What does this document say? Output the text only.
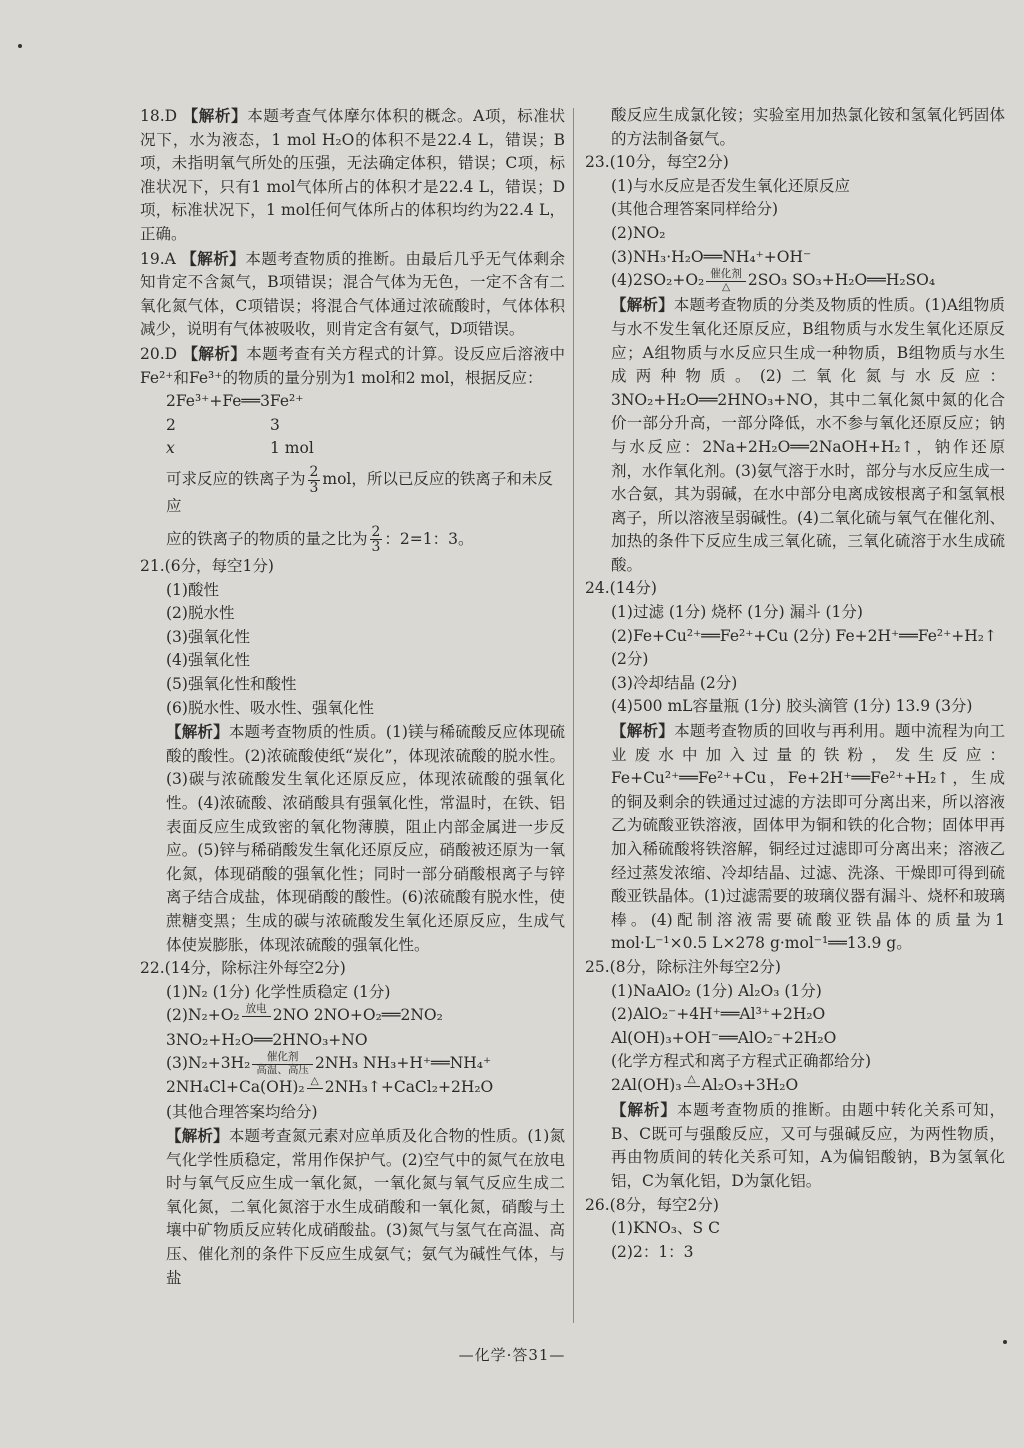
18.D 【解析】本题考查气体摩尔体积的概念。A项，标准状况下，水为液态，1 mol H₂O的体积不是22.4 L，错误；B项，未指明氧气所处的压强，无法确定体积，错误；C项，标准状况下，只有1 mol气体所占的体积才是22.4 L，错误；D项，标准状况下，1 mol任何气体所占的体积均约为22.4 L，正确。

19.A 【解析】本题考查物质的推断。由最后几乎无气体剩余知肯定不含氮气，B项错误；混合气体为无色，一定不含有二氧化氮气体，C项错误；将混合气体通过浓硫酸时，气体体积减少，说明有气体被吸收，则肯定含有氨气，D项错误。

20.D 【解析】本题考查有关方程式的计算。设反应后溶液中Fe²⁺和Fe³⁺的物质的量分别为1 mol和2 mol，根据反应：

2Fe³⁺+Fe══3Fe²⁺
2	3
x	1 mol
可求反应的铁离子为 $\frac{2}{3}$ mol，所以已反应的铁离子和未反应
应的铁离子的物质的量之比为 $\frac{2}{3}$ ：2=1：3。
21.(6分，每空1分)
(1)酸性
(2)脱水性
(3)强氧化性
(4)强氧化性
(5)强氧化性和酸性
(6)脱水性、吸水性、强氧化性

【解析】本题考查物质的性质。(1)镁与稀硫酸反应体现硫酸的酸性。(2)浓硫酸使纸“炭化”，体现浓硫酸的脱水性。(3)碳与浓硫酸发生氧化还原反应，体现浓硫酸的强氧化性。(4)浓硫酸、浓硝酸具有强氧化性，常温时，在铁、铝表面反应生成致密的氧化物薄膜，阻止内部金属进一步反应。(5)锌与稀硝酸发生氧化还原反应，硝酸被还原为一氧化氮，体现硝酸的强氧化性；同时一部分硝酸根离子与锌离子结合成盐，体现硝酸的酸性。(6)浓硫酸有脱水性，使蔗糖变黑；生成的碳与浓硫酸发生氧化还原反应，生成气体使炭膨胀，体现浓硫酸的强氧化性。

22.(14分，除标注外每空2分)
(1)N₂ (1分) 化学性质稳定 (1分)
(2)N₂+O₂ 放电
2NO 2NO+O₂══2NO₂
3NO₂+H₂O══2HNO₃+NO
(3)N₂+3H₂	催化剂
高温、高压 2NH₃ NH₃+H⁺══NH₄⁺
2NH₄Cl+Ca(OH)₂ △
2NH₃↑+CaCl₂+2H₂O
(其他合理答案均给分)

【解析】本题考查氮元素对应单质及化合物的性质。(1)氮气化学性质稳定，常用作保护气。(2)空气中的氮气在放电时与氧气反应生成一氧化氮，一氧化氮与氧气反应生成二氧化氮，二氧化氮溶于水生成硝酸和一氧化氮，硝酸与土壤中矿物质反应转化成硝酸盐。(3)氮气与氢气在高温、高压、催化剂的条件下反应生成氨气；氨气为碱性气体，与盐

酸反应生成氯化铵；实验室用加热氯化铵和氢氧化钙固体的方法制备氨气。

23.(10分，每空2分)
(1)与水反应是否发生氧化还原反应
(其他合理答案同样给分)
(2)NO₂
(3)NH₃·H₂O══NH₄⁺+OH⁻
(4)2SO₂+O₂ 催化剂
△	2SO₃ SO₃+H₂O══H₂SO₄

【解析】本题考查物质的分类及物质的性质。(1)A组物质与水不发生氧化还原反应，B组物质与水发生氧化还原反应；A组物质与水反应只生成一种物质，B组物质与水生成两种物质。(2)二氧化氮与水反应：3NO₂+H₂O══2HNO₃+NO，其中二氧化氮中氮的化合价一部分升高，一部分降低，水不参与氧化还原反应；钠与水反应：2Na+2H₂O══2NaOH+H₂↑，钠作还原剂，水作氧化剂。(3)氨气溶于水时，部分与水反应生成一水合氨，其为弱碱，在水中部分电离成铵根离子和氢氧根离子，所以溶液呈弱碱性。(4)二氧化硫与氧气在催化剂、加热的条件下反应生成三氧化硫，三氧化硫溶于水生成硫酸。

24.(14分)
(1)过滤 (1分) 烧杯 (1分) 漏斗 (1分)
(2)Fe+Cu²⁺══Fe²⁺+Cu (2分) Fe+2H⁺══Fe²⁺+H₂↑ (2分)
(3)冷却结晶 (2分)
(4)500 mL容量瓶 (1分) 胶头滴管 (1分) 13.9 (3分)

【解析】本题考查物质的回收与再利用。题中流程为向工业废水中加入过量的铁粉，发生反应：Fe+Cu²⁺══Fe²⁺+Cu，Fe+2H⁺══Fe²⁺+H₂↑，生成的铜及剩余的铁通过过滤的方法即可分离出来，所以溶液乙为硫酸亚铁溶液，固体甲为铜和铁的化合物；固体甲再加入稀硫酸将铁溶解，铜经过过滤即可分离出来；溶液乙经过蒸发浓缩、冷却结晶、过滤、洗涤、干燥即可得到硫酸亚铁晶体。(1)过滤需要的玻璃仪器有漏斗、烧杯和玻璃棒。(4)配制溶液需要硫酸亚铁晶体的质量为1 mol·L⁻¹×0.5 L×278 g·mol⁻¹══13.9 g。

25.(8分，除标注外每空2分)
(1)NaAlO₂ (1分) Al₂O₃ (1分)
(2)AlO₂⁻+4H⁺══Al³⁺+2H₂O
Al(OH)₃+OH⁻══AlO₂⁻+2H₂O
(化学方程式和离子方程式正确都给分)
2Al(OH)₃ △
Al₂O₃+3H₂O

【解析】本题考查物质的推断。由题中转化关系可知，B、C既可与强酸反应，又可与强碱反应，为两性物质，再由物质间的转化关系可知，A为偏铝酸钠，B为氢氧化铝，C为氧化铝，D为氯化铝。

26.(8分，每空2分)
(1)KNO₃、S C
(2)2：1：3
—化学·答31—
